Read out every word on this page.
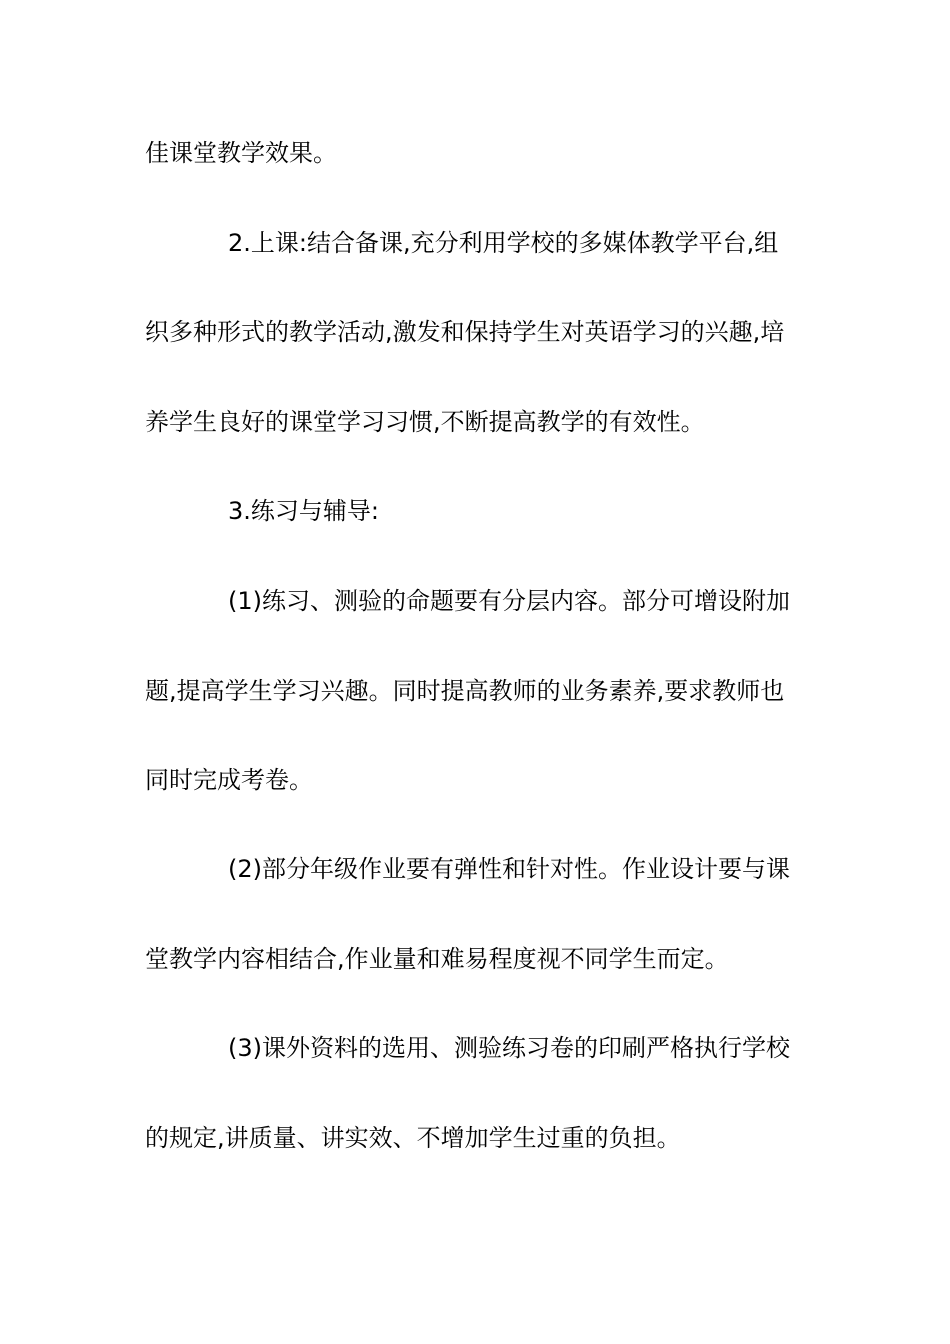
佳课堂教学效果。
2.上课:结合备课,充分利用学校的多媒体教学平台,组
织多种形式的教学活动,激发和保持学生对英语学习的兴趣,培
养学生良好的课堂学习习惯,不断提高教学的有效性。
3.练习与辅导:
(1)练习、测验的命题要有分层内容。部分可增设附加
题,提高学生学习兴趣。同时提高教师的业务素养,要求教师也
同时完成考卷。
(2)部分年级作业要有弹性和针对性。作业设计要与课
堂教学内容相结合,作业量和难易程度视不同学生而定。
(3)课外资料的选用、测验练习卷的印刷严格执行学校
的规定,讲质量、讲实效、不增加学生过重的负担。
